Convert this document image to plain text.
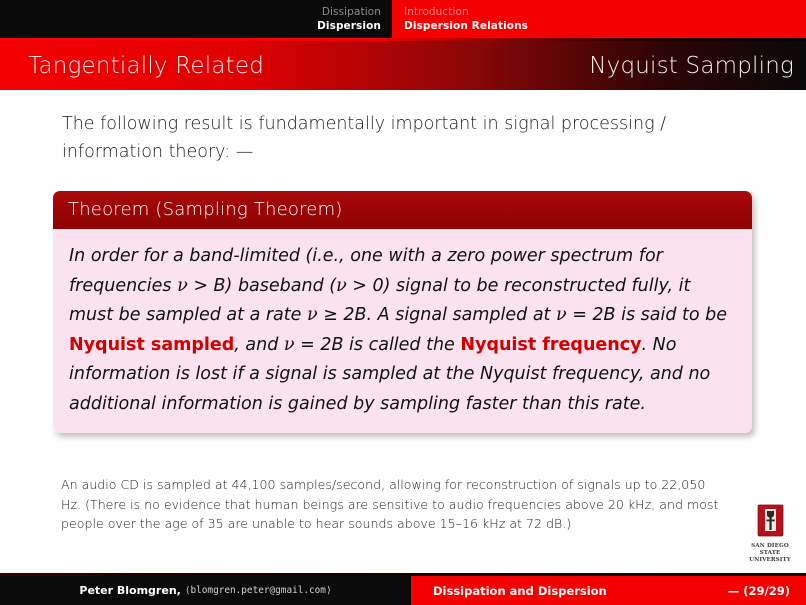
Dissipation
Dispersion
Introduction
Dispersion Relations
Tangentially Related	Nyquist Sampling
The following result is fundamentally important in signal processing / information theory: —
Theorem (Sampling Theorem)
In order for a band-limited (i.e., one with a zero power spectrum for frequencies ν > B) baseband (ν > 0) signal to be reconstructed fully, it must be sampled at a rate ν ≥ 2B. A signal sampled at ν = 2B is said to be Nyquist sampled, and ν = 2B is called the Nyquist frequency. No information is lost if a signal is sampled at the Nyquist frequency, and no additional information is gained by sampling faster than this rate.
An audio CD is sampled at 44,100 samples/second, allowing for reconstruction of signals up to 22,050 Hz. (There is no evidence that human beings are sensitive to audio frequencies above 20 kHz, and most people over the age of 35 are unable to hear sounds above 15–16 kHz at 72 dB.)
SAN DIEGO STATE
UNIVERSITY
Peter Blomgren, ⟨blomgren.peter@gmail.com⟩	Dissipation and Dispersion	— (29/29)
